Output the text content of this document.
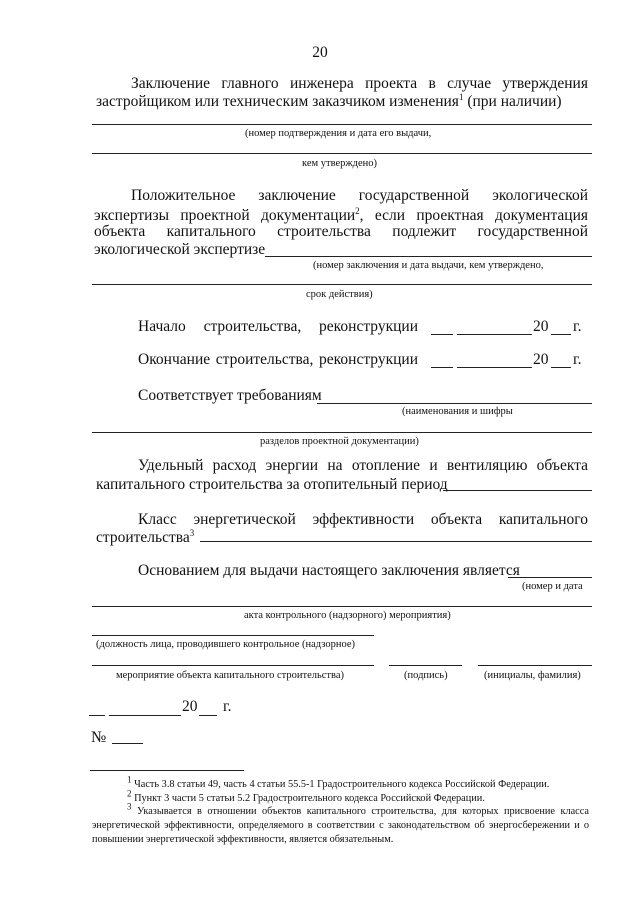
20
Заключение главного инженера проекта в случае утверждения
застройщиком или техническим заказчиком изменения$^1$ (при наличии)
(номер подтверждения и дата его выдачи,
кем утверждено)
Положительное заключение государственной экологической
экспертизы проектной документации$^2$, если проектная документация
объекта капитального строительства подлежит государственной
экологической экспертизе
(номер заключения и дата выдачи, кем утверждено,
срок действия)
Начало строительства, реконструкции	20 г.
Окончание строительства, реконструкции	20 г.
Соответствует требованиям
(наименования и шифры
разделов проектной документации)
Удельный расход энергии на отопление и вентиляцию объекта
капитального строительства за отопительный период
Класс энергетической эффективности объекта капитального
строительства$^3$
Основанием для выдачи настоящего заключения является
(номер и дата
акта контрольного (надзорного) мероприятия)
(должность лица, проводившего контрольное (надзорное)
мероприятие объекта капитального строительства)	(подпись)	(инициалы, фамилия)
20 г.
№
$^1$ Часть 3.8 статьи 49, часть 4 статьи 55.5-1 Градостроительного кодекса Российской Федерации.
$^2$ Пункт 3 части 5 статьи 5.2 Градостроительного кодекса Российской Федерации.
$^3$ Указывается в отношении объектов капитального строительства, для которых присвоение класса энергетической эффективности, определяемого в соответствии с законодательством об энергосбережении и о повышении энергетической эффективности, является обязательным.
